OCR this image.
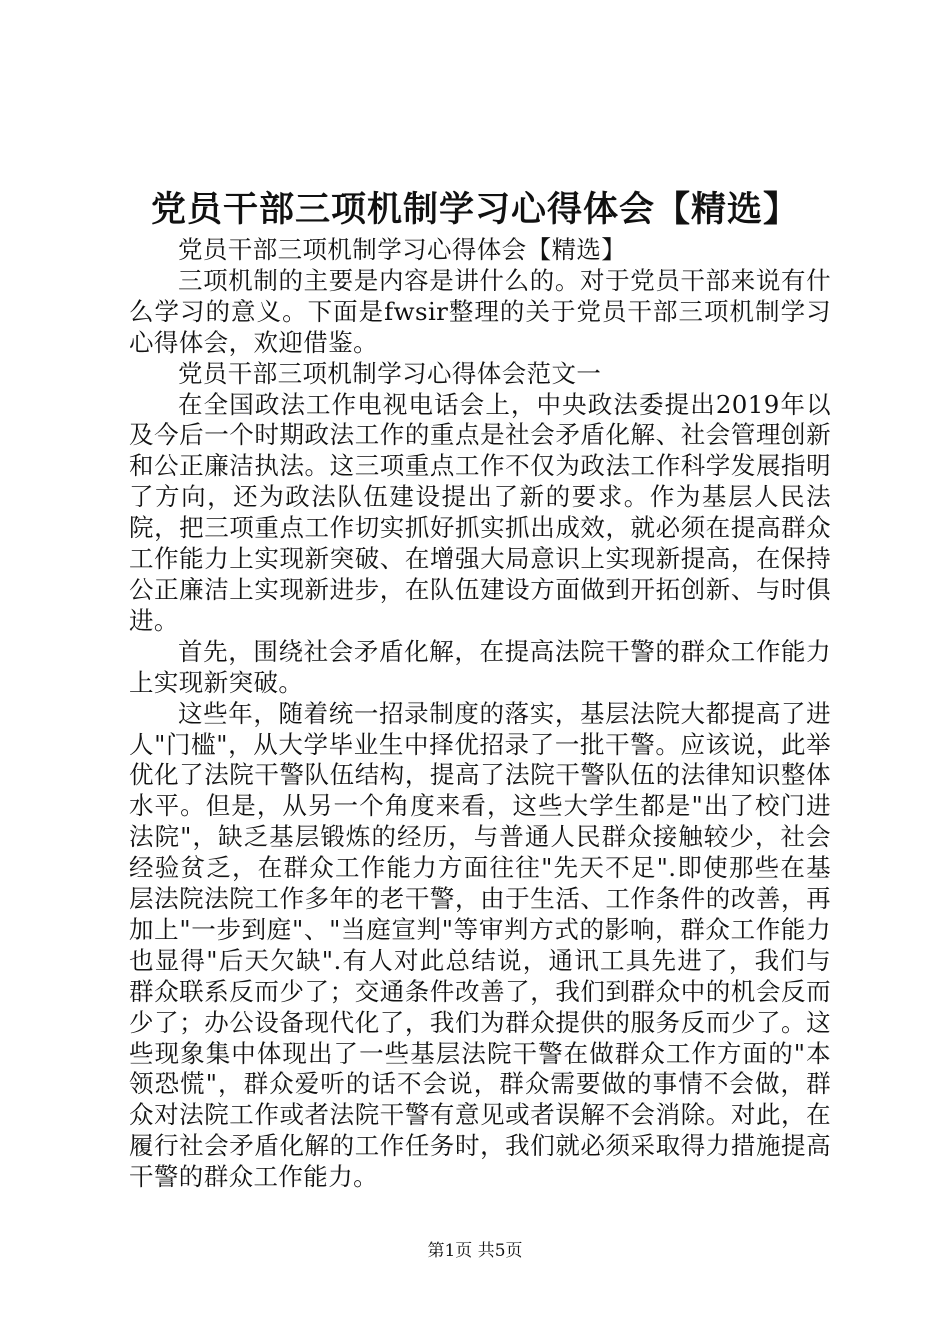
党员干部三项机制学习心得体会【精选】

党员干部三项机制学习心得体会【精选】

三项机制的主要是内容是讲什么的。对于党员干部来说有什么学习的意义。下面是fwsir整理的关于党员干部三项机制学习心得体会，欢迎借鉴。

党员干部三项机制学习心得体会范文一

在全国政法工作电视电话会上，中央政法委提出2019年以及今后一个时期政法工作的重点是社会矛盾化解、社会管理创新和公正廉洁执法。这三项重点工作不仅为政法工作科学发展指明了方向，还为政法队伍建设提出了新的要求。作为基层人民法院，把三项重点工作切实抓好抓实抓出成效，就必须在提高群众工作能力上实现新突破、在增强大局意识上实现新提高，在保持公正廉洁上实现新进步，在队伍建设方面做到开拓创新、与时俱进。

首先，围绕社会矛盾化解，在提高法院干警的群众工作能力上实现新突破。

这些年，随着统一招录制度的落实，基层法院大都提高了进人"门槛"，从大学毕业生中择优招录了一批干警。应该说，此举优化了法院干警队伍结构，提高了法院干警队伍的法律知识整体水平。但是，从另一个角度来看，这些大学生都是"出了校门进法院"，缺乏基层锻炼的经历，与普通人民群众接触较少，社会经验贫乏，在群众工作能力方面往往"先天不足".即使那些在基层法院法院工作多年的老干警，由于生活、工作条件的改善，再加上"一步到庭"、"当庭宣判"等审判方式的影响，群众工作能力也显得"后天欠缺".有人对此总结说，通讯工具先进了，我们与群众联系反而少了；交通条件改善了，我们到群众中的机会反而少了；办公设备现代化了，我们为群众提供的服务反而少了。这些现象集中体现出了一些基层法院干警在做群众工作方面的"本领恐慌"，群众爱听的话不会说，群众需要做的事情不会做，群众对法院工作或者法院干警有意见或者误解不会消除。对此，在履行社会矛盾化解的工作任务时，我们就必须采取得力措施提高干警的群众工作能力。

第1页 共5页
